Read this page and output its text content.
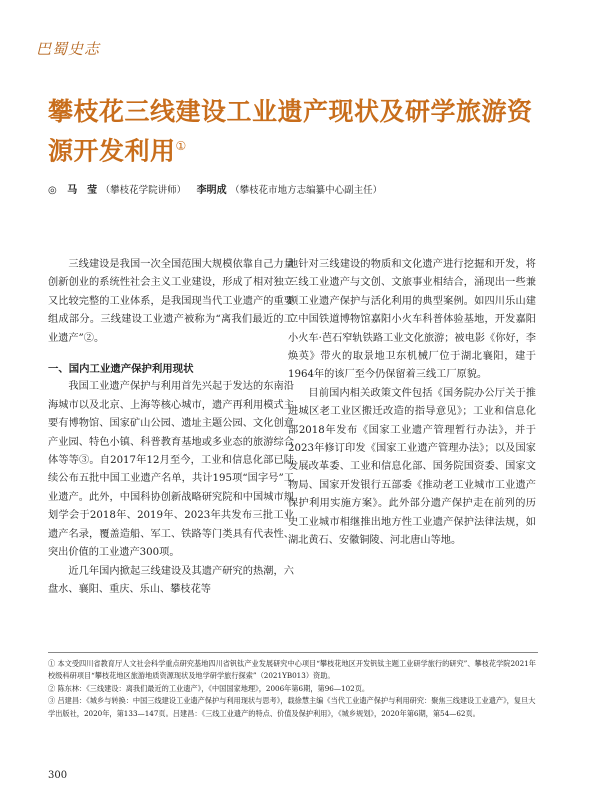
巴蜀史志
攀枝花三线建设工业遗产现状及研学旅游资源开发利用①
◎ 马　莹 （攀枝花学院讲师） 李明成 （攀枝花市地方志编纂中心副主任）

三线建设是我国一次全国范围大规模依靠自己力量创新创业的系统性社会主义工业建设，形成了相对独立又比较完整的工业体系，是我国现当代工业遗产的重要组成部分。三线建设工业遗产被称为“离我们最近的工业遗产”②。

一、国内工业遗产保护利用现状

我国工业遗产保护与利用首先兴起于发达的东南沿海城市以及北京、上海等核心城市，遗产再利用模式主要有博物馆、国家矿山公园、遗址主题公园、文化创意产业园、特色小镇、科普教育基地或多业态的旅游综合体等等③。自2017年12月至今，工业和信息化部已陆续公布五批中国工业遗产名单，共计195项“国字号”工业遗产。此外，中国科协创新战略研究院和中国城市规划学会于2018年、2019年、2023年共发布三批工业遗产名录，覆盖造船、军工、铁路等门类具有代表性、突出价值的工业遗产300项。

近几年国内掀起三线建设及其遗产研究的热潮，六盘水、襄阳、重庆、乐山、攀枝花等

地针对三线建设的物质和文化遗产进行挖掘和开发，将三线工业遗产与文创、文旅事业相结合，涌现出一些兼顾工业遗产保护与活化利用的典型案例。如四川乐山建立中国铁道博物馆嘉阳小火车科普体验基地，开发嘉阳小火车·芭石窄轨铁路工业文化旅游；被电影《你好，李焕英》带火的取景地卫东机械厂位于湖北襄阳，建于1964年的该厂至今仍保留着三线工厂原貌。

目前国内相关政策文件包括《国务院办公厅关于推进城区老工业区搬迁改造的指导意见》；工业和信息化部2018年发布《国家工业遗产管理暂行办法》，并于2023年修订印发《国家工业遗产管理办法》；以及国家发展改革委、工业和信息化部、国务院国资委、国家文物局、国家开发银行五部委《推动老工业城市工业遗产保护利用实施方案》。此外部分遗产保护走在前列的历史工业城市相继推出地方性工业遗产保护法律法规，如湖北黄石、安徽铜陵、河北唐山等地。

① 本文受四川省教育厅人文社会科学重点研究基地四川省钒钛产业发展研究中心项目“攀枝花地区开发钒钛主题工业研学旅行的研究”、攀枝花学院2021年校级科研项目“攀枝花地区旅游地质资源现状及地学研学旅行探索”（2021YB013）资助。

② 陈东林：《三线建设：离我们最近的工业遗产》，《中国国家地理》，2006年第6期，第96—102页。

③ 吕建昌：《城乡与转换：中国三线建设工业遗产保护与利用现状与思考》，载徐慧主编《当代工业遗产保护与利用研究：聚焦三线建设工业遗产》，复旦大学出版社，2020年，第133—147页。吕建昌：《三线工业遗产的特点、价值及保护利用》，《城乡规划》，2020年第6期，第54—62页。

300
